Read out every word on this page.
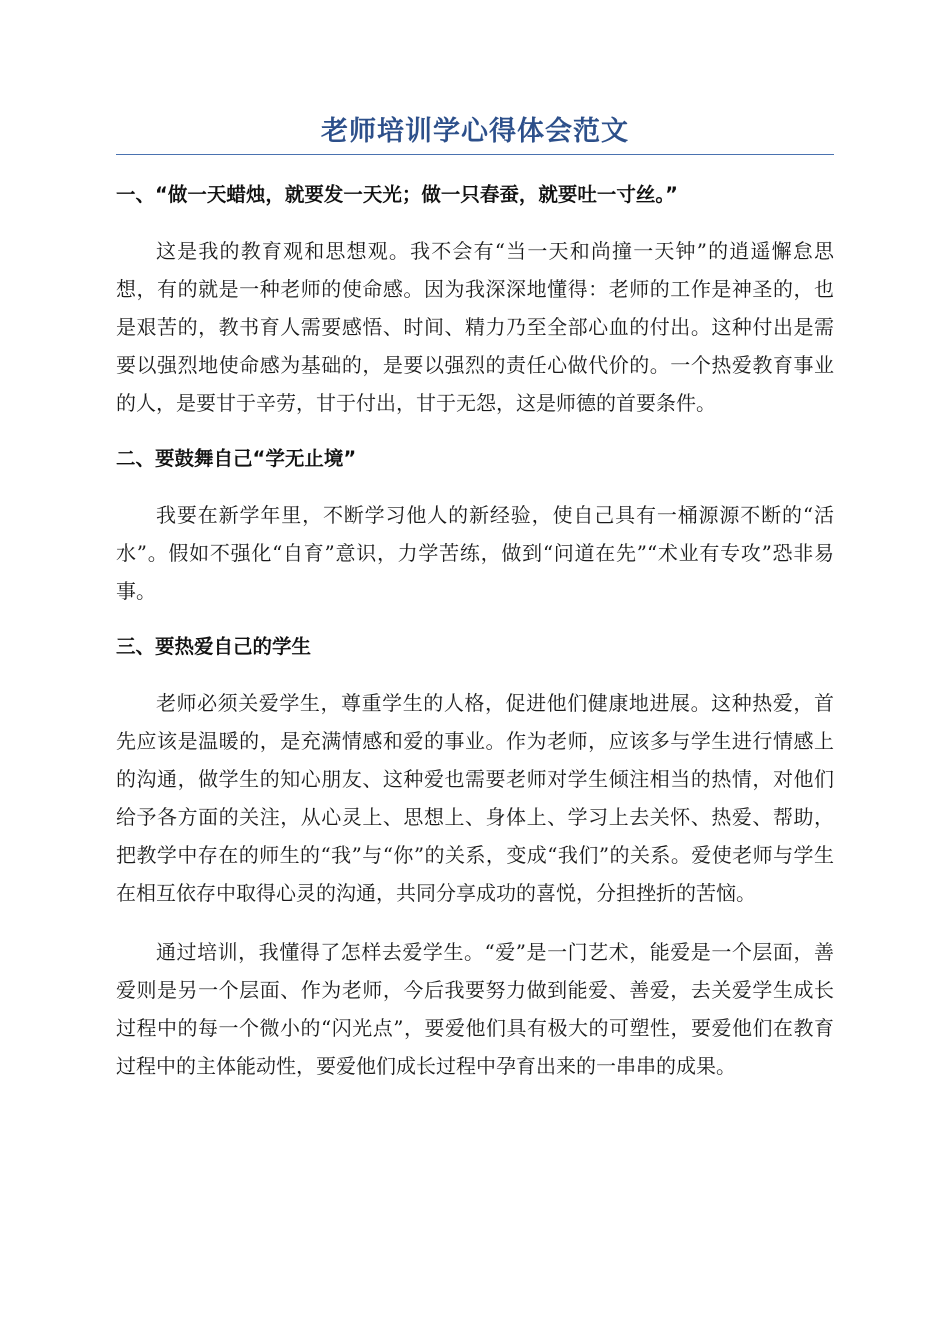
老师培训学心得体会范文
一、“做一天蜡烛，就要发一天光；做一只春蚕，就要吐一寸丝。”

这是我的教育观和思想观。我不会有“当一天和尚撞一天钟”的逍遥懈怠思想，有的就是一种老师的使命感。因为我深深地懂得：老师的工作是神圣的，也是艰苦的，教书育人需要感悟、时间、精力乃至全部心血的付出。这种付出是需要以强烈地使命感为基础的，是要以强烈的责任心做代价的。一个热爱教育事业的人，是要甘于辛劳，甘于付出，甘于无怨，这是师德的首要条件。

二、要鼓舞自己“学无止境”

我要在新学年里，不断学习他人的新经验，使自己具有一桶源源不断的“活水”。假如不强化“自育”意识，力学苦练，做到“问道在先”“术业有专攻”恐非易事。

三、要热爱自己的学生

老师必须关爱学生，尊重学生的人格，促进他们健康地进展。这种热爱，首先应该是温暖的，是充满情感和爱的事业。作为老师，应该多与学生进行情感上的沟通，做学生的知心朋友、这种爱也需要老师对学生倾注相当的热情，对他们给予各方面的关注，从心灵上、思想上、身体上、学习上去关怀、热爱、帮助，把教学中存在的师生的“我”与“你”的关系，变成“我们”的关系。爱使老师与学生在相互依存中取得心灵的沟通，共同分享成功的喜悦，分担挫折的苦恼。

通过培训，我懂得了怎样去爱学生。“爱”是一门艺术，能爱是一个层面，善爱则是另一个层面、作为老师，今后我要努力做到能爱、善爱，去关爱学生成长过程中的每一个微小的“闪光点”，要爱他们具有极大的可塑性，要爱他们在教育过程中的主体能动性，要爱他们成长过程中孕育出来的一串串的成果。
